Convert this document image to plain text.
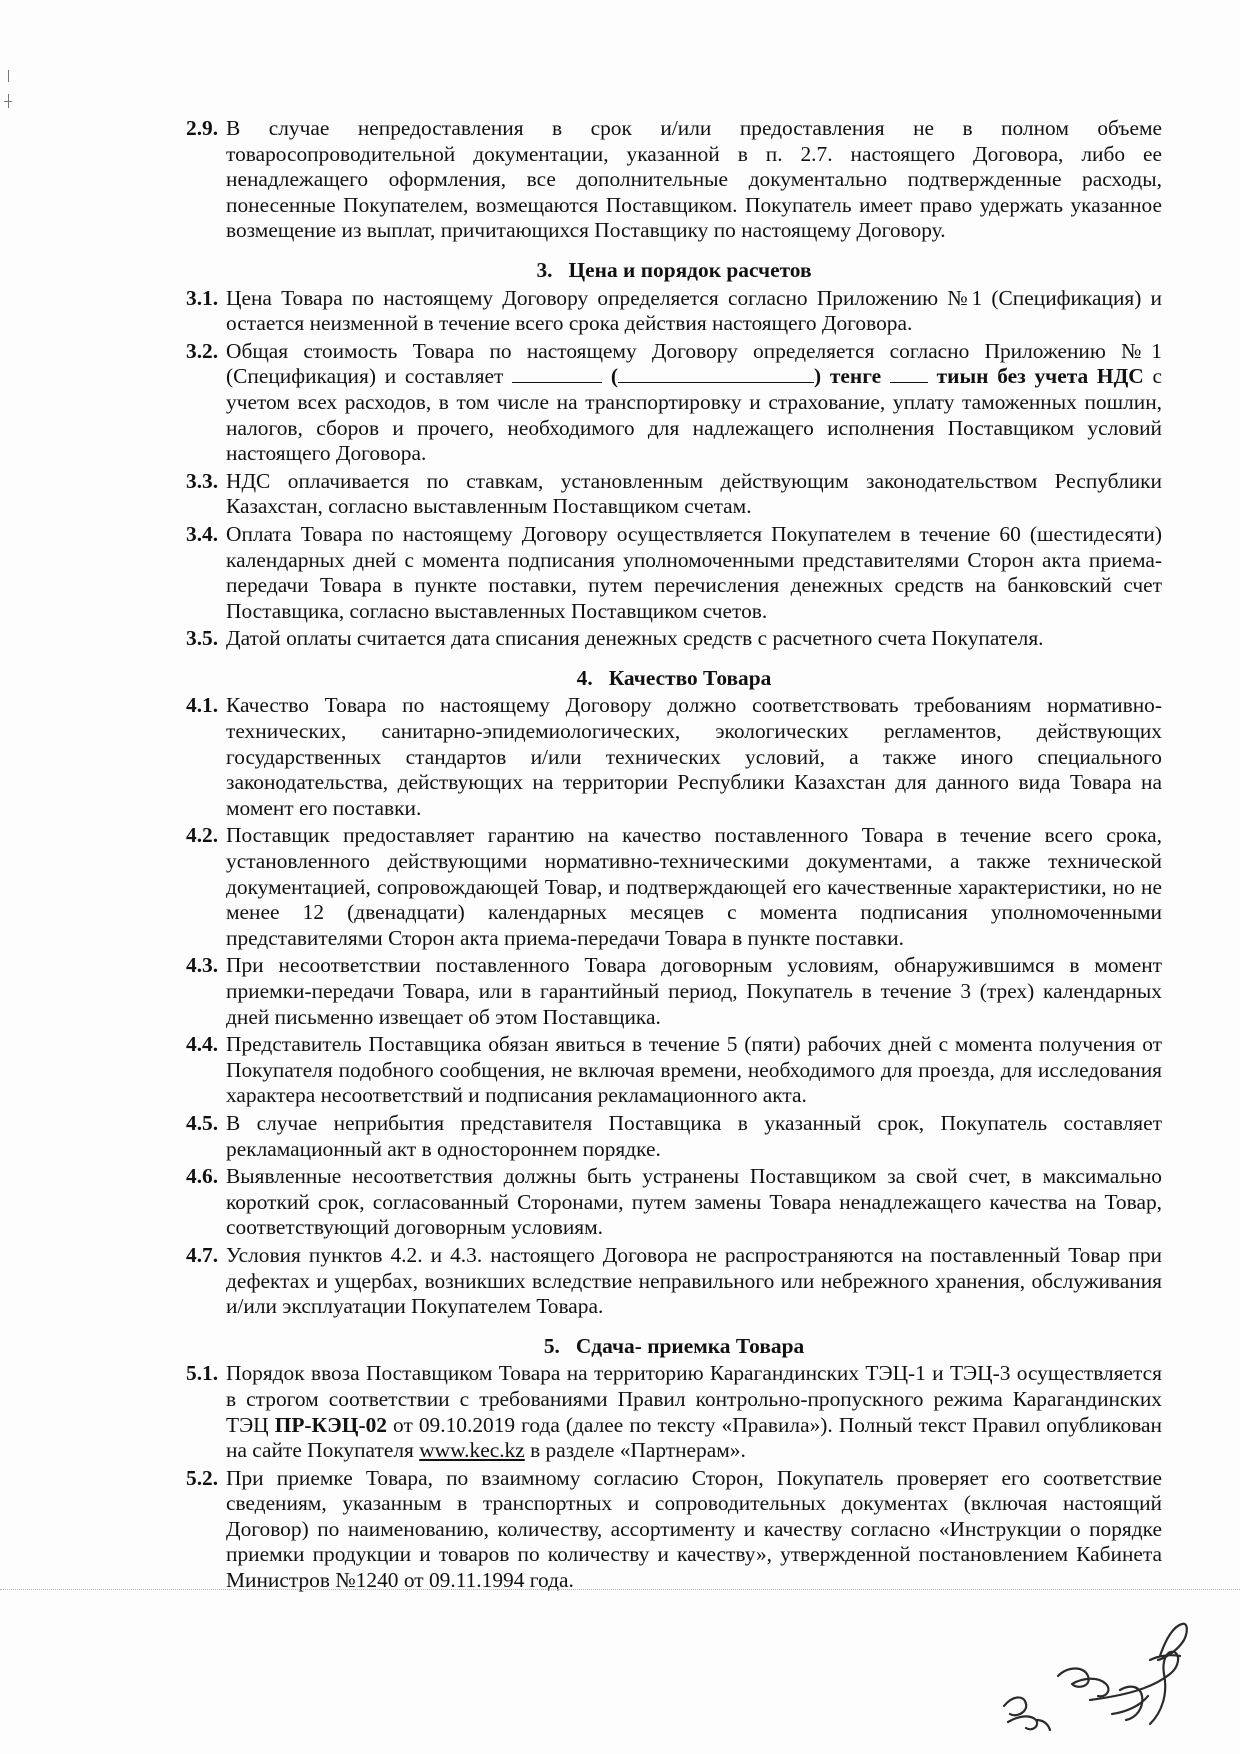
2.9. В случае непредоставления в срок и/или предоставления не в полном объеме товаросопроводительной документации, указанной в п. 2.7. настоящего Договора, либо ее ненадлежащего оформления, все дополнительные документально подтвержденные расходы, понесенные Покупателем, возмещаются Поставщиком. Покупатель имеет право удержать указанное возмещение из выплат, причитающихся Поставщику по настоящему Договору.
3. Цена и порядок расчетов
3.1. Цена Товара по настоящему Договору определяется согласно Приложению №1 (Спецификация) и остается неизменной в течение всего срока действия настоящего Договора.
3.2. Общая стоимость Товара по настоящему Договору определяется согласно Приложению №1 (Спецификация) и составляет	(	) тенге	тиын без учета НДС с учетом всех расходов, в том числе на транспортировку и страхование, уплату таможенных пошлин, налогов, сборов и прочего, необходимого для надлежащего исполнения Поставщиком условий настоящего Договора.
3.3. НДС оплачивается по ставкам, установленным действующим законодательством Республики Казахстан, согласно выставленным Поставщиком счетам.
3.4. Оплата Товара по настоящему Договору осуществляется Покупателем в течение 60 (шестидесяти) календарных дней с момента подписания уполномоченными представителями Сторон акта приема-передачи Товара в пункте поставки, путем перечисления денежных средств на банковский счет Поставщика, согласно выставленных Поставщиком счетов.
3.5. Датой оплаты считается дата списания денежных средств с расчетного счета Покупателя.
4. Качество Товара
4.1. Качество Товара по настоящему Договору должно соответствовать требованиям нормативно-технических, санитарно-эпидемиологических, экологических регламентов, действующих государственных стандартов и/или технических условий, а также иного специального законодательства, действующих на территории Республики Казахстан для данного вида Товара на момент его поставки.
4.2. Поставщик предоставляет гарантию на качество поставленного Товара в течение всего срока, установленного действующими нормативно-техническими документами, а также технической документацией, сопровождающей Товар, и подтверждающей его качественные характеристики, но не менее 12 (двенадцати) календарных месяцев с момента подписания уполномоченными представителями Сторон акта приема-передачи Товара в пункте поставки.
4.3. При несоответствии поставленного Товара договорным условиям, обнаружившимся в момент приемки-передачи Товара, или в гарантийный период, Покупатель в течение 3 (трех) календарных дней письменно извещает об этом Поставщика.
4.4. Представитель Поставщика обязан явиться в течение 5 (пяти) рабочих дней с момента получения от Покупателя подобного сообщения, не включая времени, необходимого для проезда, для исследования характера несоответствий и подписания рекламационного акта.
4.5. В случае неприбытия представителя Поставщика в указанный срок, Покупатель составляет рекламационный акт в одностороннем порядке.
4.6. Выявленные несоответствия должны быть устранены Поставщиком за свой счет, в максимально короткий срок, согласованный Сторонами, путем замены Товара ненадлежащего качества на Товар, соответствующий договорным условиям.
4.7. Условия пунктов 4.2. и 4.3. настоящего Договора не распространяются на поставленный Товар при дефектах и ущербах, возникших вследствие неправильного или небрежного хранения, обслуживания и/или эксплуатации Покупателем Товара.
5. Сдача- приемка Товара
5.1. Порядок ввоза Поставщиком Товара на территорию Карагандинских ТЭЦ-1 и ТЭЦ-3 осуществляется в строгом соответствии с требованиями Правил контрольно-пропускного режима Карагандинских ТЭЦ ПР-КЭЦ-02 от 09.10.2019 года (далее по тексту «Правила»). Полный текст Правил опубликован на сайте Покупателя www.kec.kz в разделе «Партнерам».
5.2. При приемке Товара, по взаимному согласию Сторон, Покупатель проверяет его соответствие сведениям, указанным в транспортных и сопроводительных документах (включая настоящий Договор) по наименованию, количеству, ассортименту и качеству согласно «Инструкции о порядке приемки продукции и товаров по количеству и качеству», утвержденной постановлением Кабинета Министров №1240 от 09.11.1994 года.
